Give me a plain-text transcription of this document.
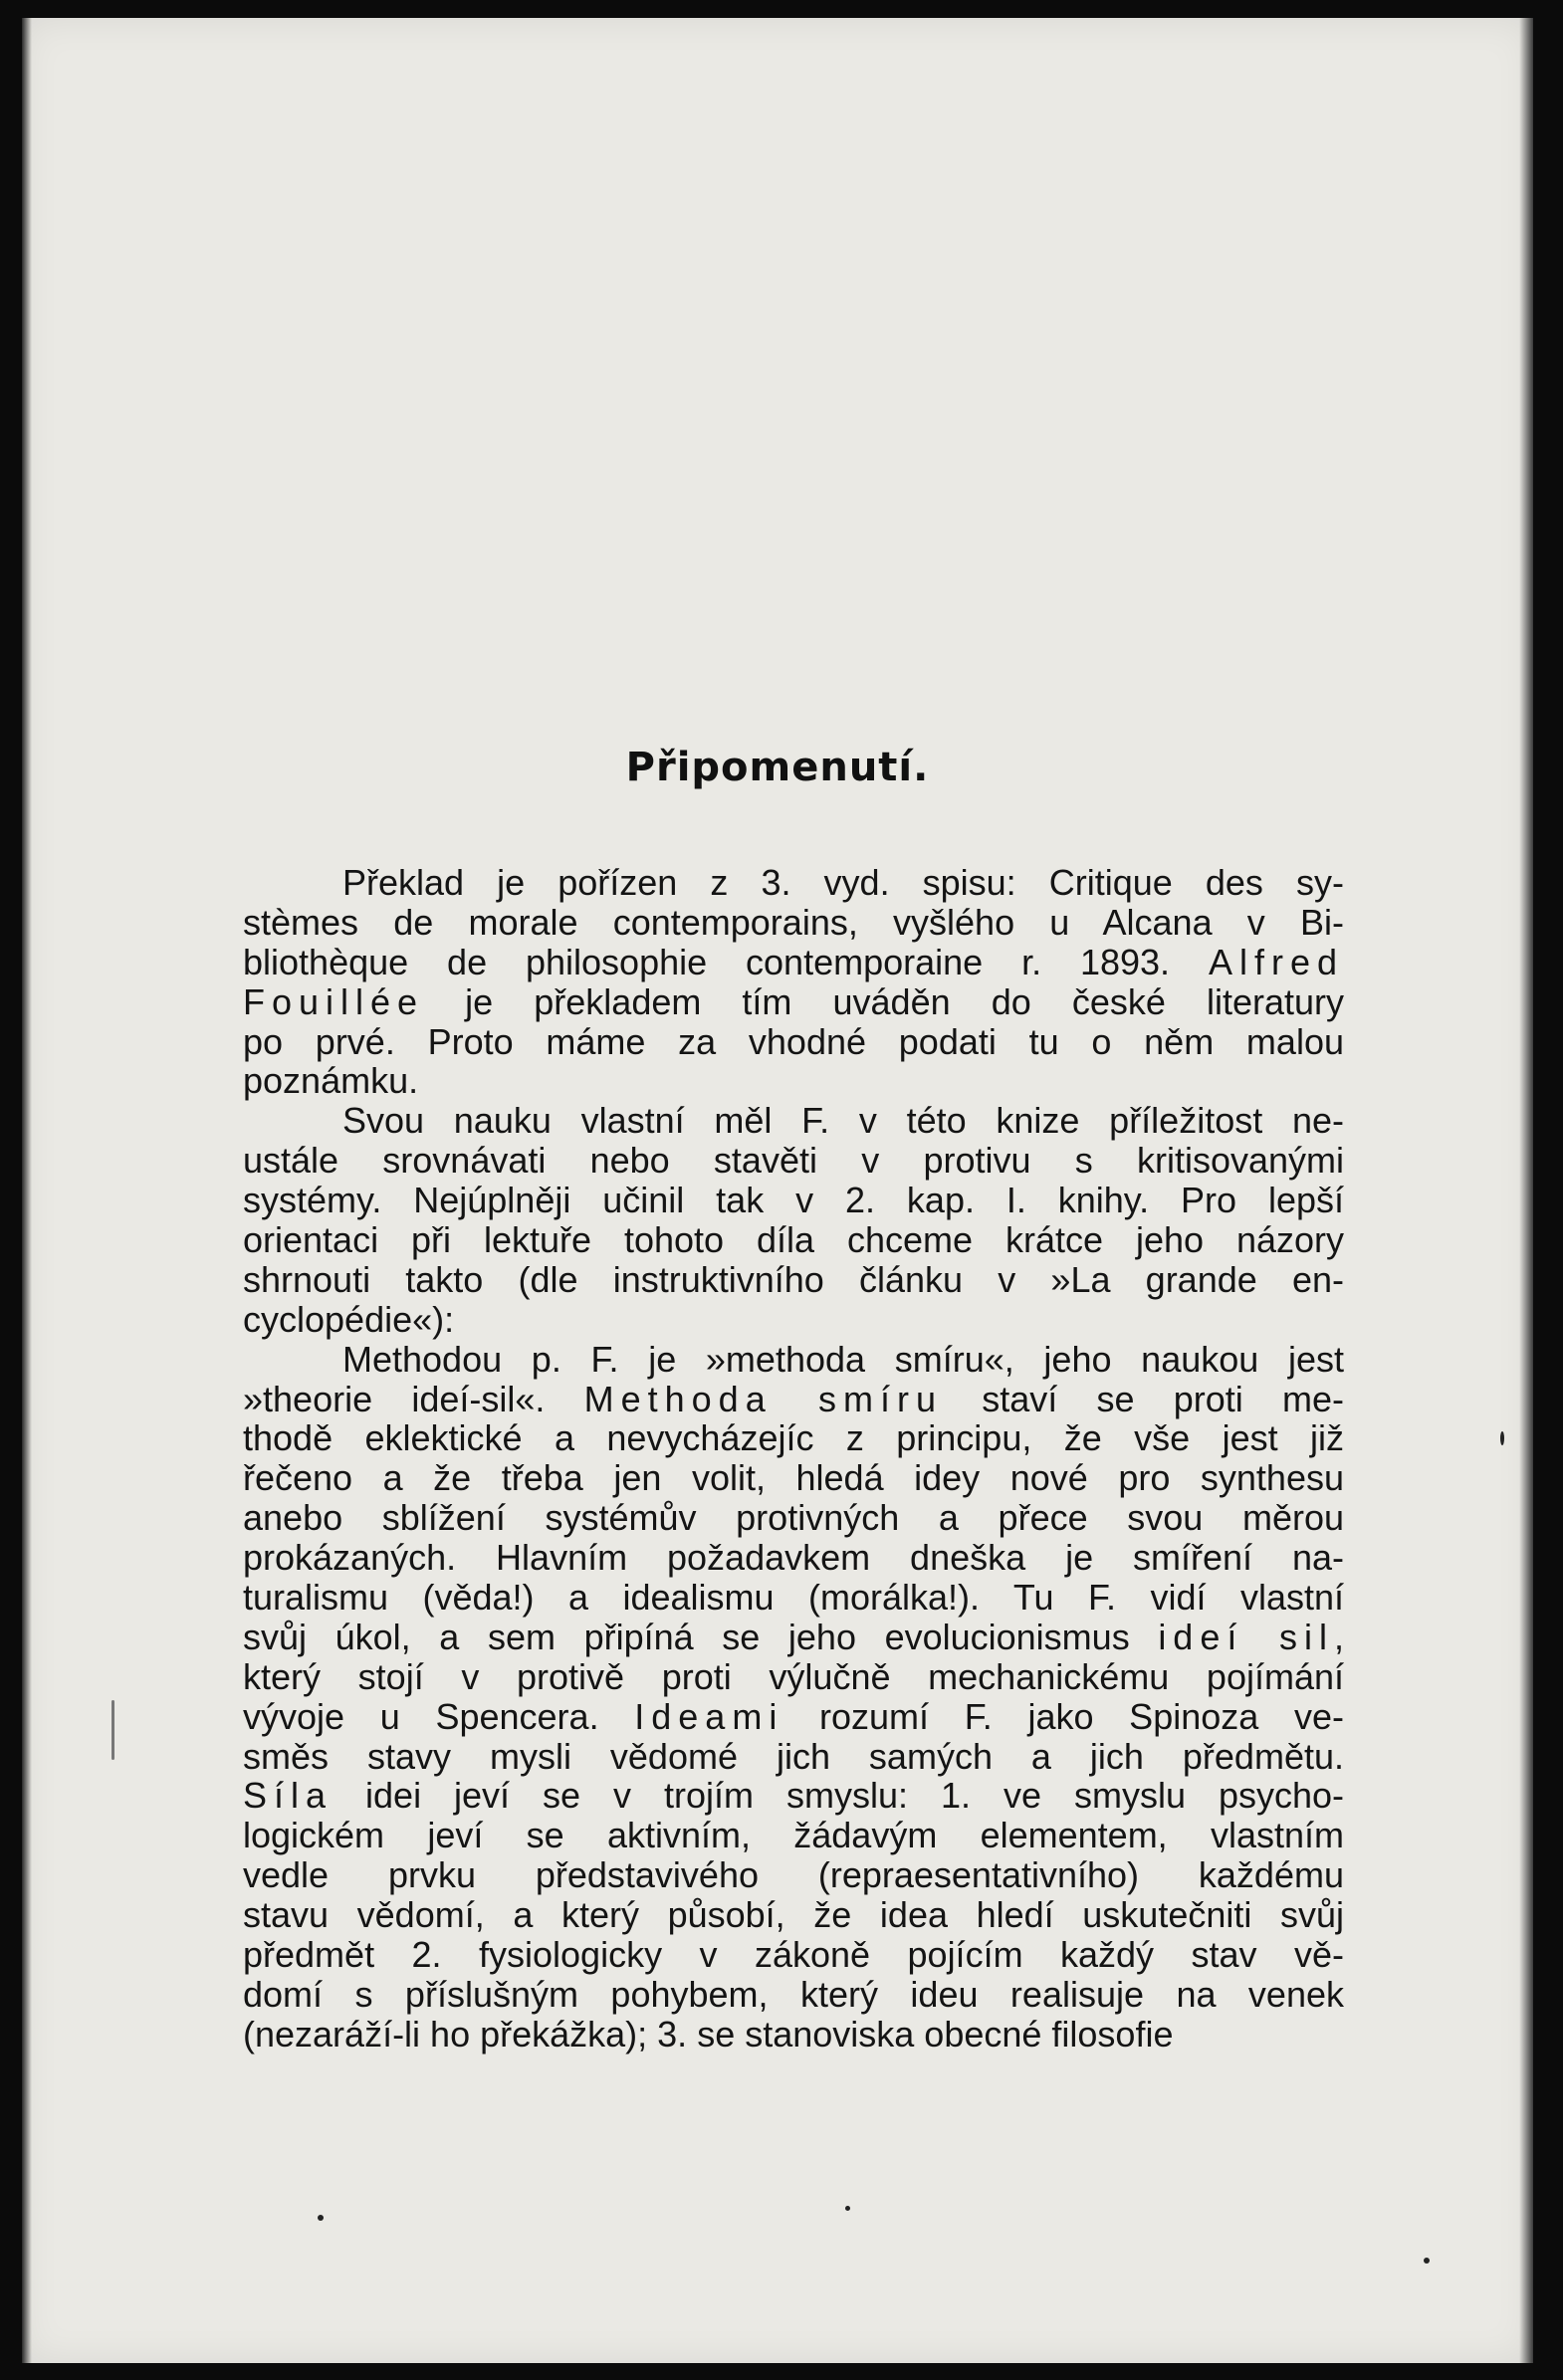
Připomenutí.
Překlad je pořízen z 3. vyd. spisu: Critique des sy-
stèmes de morale contemporains, vyšlého u Alcana v Bi-
bliothèque de philosophie contemporaine r. 1893. Alfred
Fouillée je překladem tím uváděn do české literatury
po prvé. Proto máme za vhodné podati tu o něm malou
poznámku.
Svou nauku vlastní měl F. v této knize příležitost ne-
ustále srovnávati nebo stavěti v protivu s kritisovanými
systémy. Nejúplněji učinil tak v 2. kap. I. knihy. Pro lepší
orientaci při lektuře tohoto díla chceme krátce jeho názory
shrnouti takto (dle instruktivního článku v »La grande en-
cyclopédie«):
Methodou p. F. je »methoda smíru«, jeho naukou jest
»theorie ideí-sil«. Methoda smíru staví se proti me-
thodě eklektické a nevycházejíc z principu, že vše jest již
řečeno a že třeba jen volit, hledá idey nové pro synthesu
anebo sblížení systémův protivných a přece svou měrou
prokázaných. Hlavním požadavkem dneška je smíření na-
turalismu (věda!) a idealismu (morálka!). Tu F. vidí vlastní
svůj úkol, a sem připíná se jeho evolucionismus ideí sil,
který stojí v protivě proti výlučně mechanickému pojímání
vývoje u Spencera. Ideami rozumí F. jako Spinoza ve-
směs stavy mysli vědomé jich samých a jich předmětu.
Síla idei jeví se v trojím smyslu: 1. ve smyslu psycho-
logickém jeví se aktivním, žádavým elementem, vlastním
vedle prvku představivého (repraesentativního) každému
stavu vědomí, a který působí, že idea hledí uskutečniti svůj
předmět 2. fysiologicky v zákoně pojícím každý stav vě-
domí s příslušným pohybem, který ideu realisuje na venek
(nezaráží-li ho překážka); 3. se stanoviska obecné filosofie
